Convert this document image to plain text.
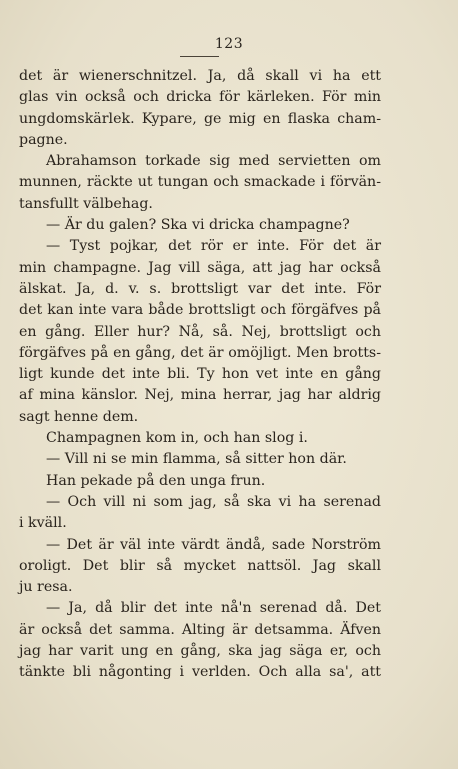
123
det är wienerschnitzel. Ja, då skall vi ha ett
glas vin också och dricka för kärleken. För min
ungdomskärlek. Kypare, ge mig en flaska cham-
pagne.
Abrahamson torkade sig med servietten om
munnen, räckte ut tungan och smackade i förvän-
tansfullt välbehag.
— Är du galen? Ska vi dricka champagne?
— Tyst pojkar, det rör er inte. För det är
min champagne. Jag vill säga, att jag har också
älskat. Ja, d. v. s. brottsligt var det inte. För
det kan inte vara både brottsligt och förgäfves på
en gång. Eller hur? Nå, så. Nej, brottsligt och
förgäfves på en gång, det är omöjligt. Men brotts-
ligt kunde det inte bli. Ty hon vet inte en gång
af mina känslor. Nej, mina herrar, jag har aldrig
sagt henne dem.
Champagnen kom in, och han slog i.
— Vill ni se min flamma, så sitter hon där.
Han pekade på den unga frun.
— Och vill ni som jag, så ska vi ha serenad
i kväll.
— Det är väl inte värdt ändå, sade Norström
oroligt. Det blir så mycket nattsöl. Jag skall
ju resa.
— Ja, då blir det inte nå'n serenad då. Det
är också det samma. Alting är detsamma. Äfven
jag har varit ung en gång, ska jag säga er, och
tänkte bli någonting i verlden. Och alla sa', att
